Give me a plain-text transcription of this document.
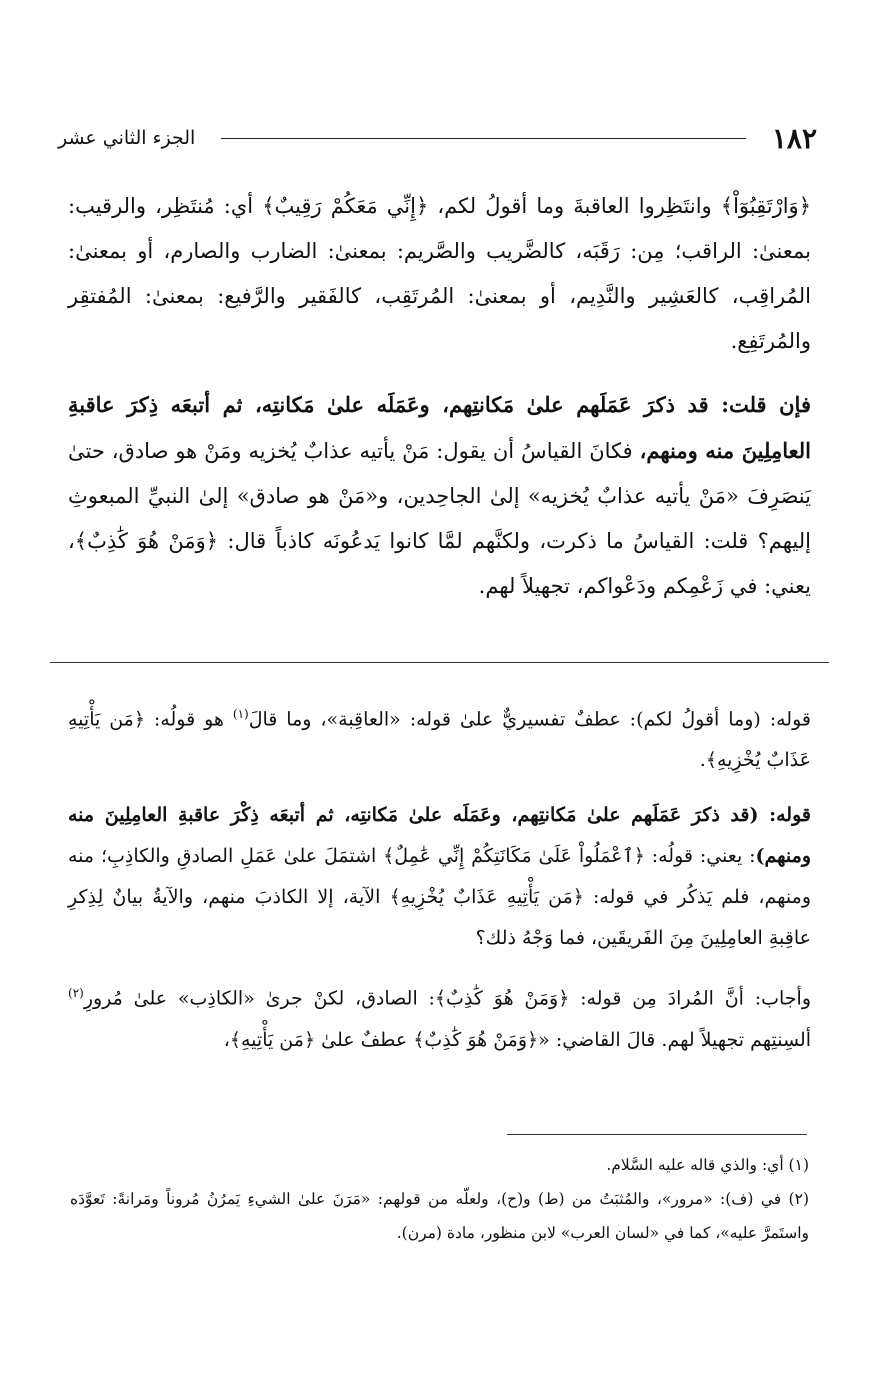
١٨٢
الجزء الثاني عشر

﴿وَارْتَقِبُوٓاْ﴾ وانتَظِروا العاقبةَ وما أقولُ لكم، ﴿إِنِّي مَعَكُمْ رَقِيبٌ﴾ أي: مُنتَظِر، والرقيب: بمعنىٰ: الراقب؛ مِن: رَقَبَه، كالضَّريب والصَّريم: بمعنىٰ: الضارب والصارم، أو بمعنىٰ: المُراقِب، كالعَشِير والنَّدِيم، أو بمعنىٰ: المُرتَقِب، كالفَقير والرَّفيع: بمعنىٰ: المُفتقِر والمُرتَفِع.

فإن قلت: قد ذكرَ عَمَلَهم علىٰ مَكانتِهم، وعَمَلَه علىٰ مَكانتِه، ثم أتبعَه ذِكرَ عاقبةِ العامِلِينَ منه ومنهم، فكانَ القياسُ أن يقول: مَنْ يأتيه عذابٌ يُخزيه ومَنْ هو صادق، حتىٰ يَنصَرِفَ «مَنْ يأتيه عذابٌ يُخزيه» إلىٰ الجاحِدين، و«مَنْ هو صادق» إلىٰ النبيِّ المبعوثِ إليهم؟ قلت: القياسُ ما ذكرت، ولكنَّهم لمَّا كانوا يَدعُونَه كاذباً قال: ﴿وَمَنْ هُوَ كَٰذِبٌ﴾، يعني: في زَعْمِكم ودَعْواكم، تجهيلاً لهم.

قوله: (وما أقولُ لكم): عطفٌ تفسيريٌّ علىٰ قوله: «العاقِبة»، وما قالَ$^{(١)}$ هو قولُه: ﴿مَن يَأْتِيهِ عَذَابٌ يُخْزِيهِ﴾.

قوله: (قد ذكرَ عَمَلَهم علىٰ مَكانتِهم، وعَمَلَه علىٰ مَكانتِه، ثم أتبعَه ذِكْرَ عاقبةِ العامِلِينَ منه ومنهم): يعني: قولُه: ﴿ٱعْمَلُواْ عَلَىٰ مَكَانَتِكُمْ إِنِّي عَٰمِلٌ﴾ اشتمَلَ علىٰ عَمَلِ الصادقِ والكاذِبِ؛ منه ومنهم، فلم يَذكُر في قوله: ﴿مَن يَأْتِيهِ عَذَابٌ يُخْزِيهِ﴾ الآية، إلا الكاذبَ منهم، والآيةُ بيانٌ لِذِكرِ عاقِبةِ العامِلِينَ مِنَ الفَريقَين، فما وَجْهُ ذلك؟

وأجاب: أنَّ المُرادَ مِن قوله: ﴿وَمَنْ هُوَ كَٰذِبٌ﴾: الصادق، لكنْ جرىٰ «الكاذِب» علىٰ مُرورِ$^{(٢)}$ ألسِنتِهم تجهيلاً لهم. قالَ القاضي: «﴿وَمَنْ هُوَ كَٰذِبٌ﴾ عطفٌ علىٰ ﴿مَن يَأْتِيهِ﴾،

(١) أي: والذي قاله عليه السَّلام.

(٢) في (ف): «مرور»، والمُثبَتُ من (ط) و(ح)، ولعلّه من قولهم: «مَرَنَ علىٰ الشيءِ يَمرُنُ مُروناً ومَرانةً: تَعوَّدَه واستَمرَّ عليه»، كما في «لسان العرب» لابن منظور، مادة (مرن).
